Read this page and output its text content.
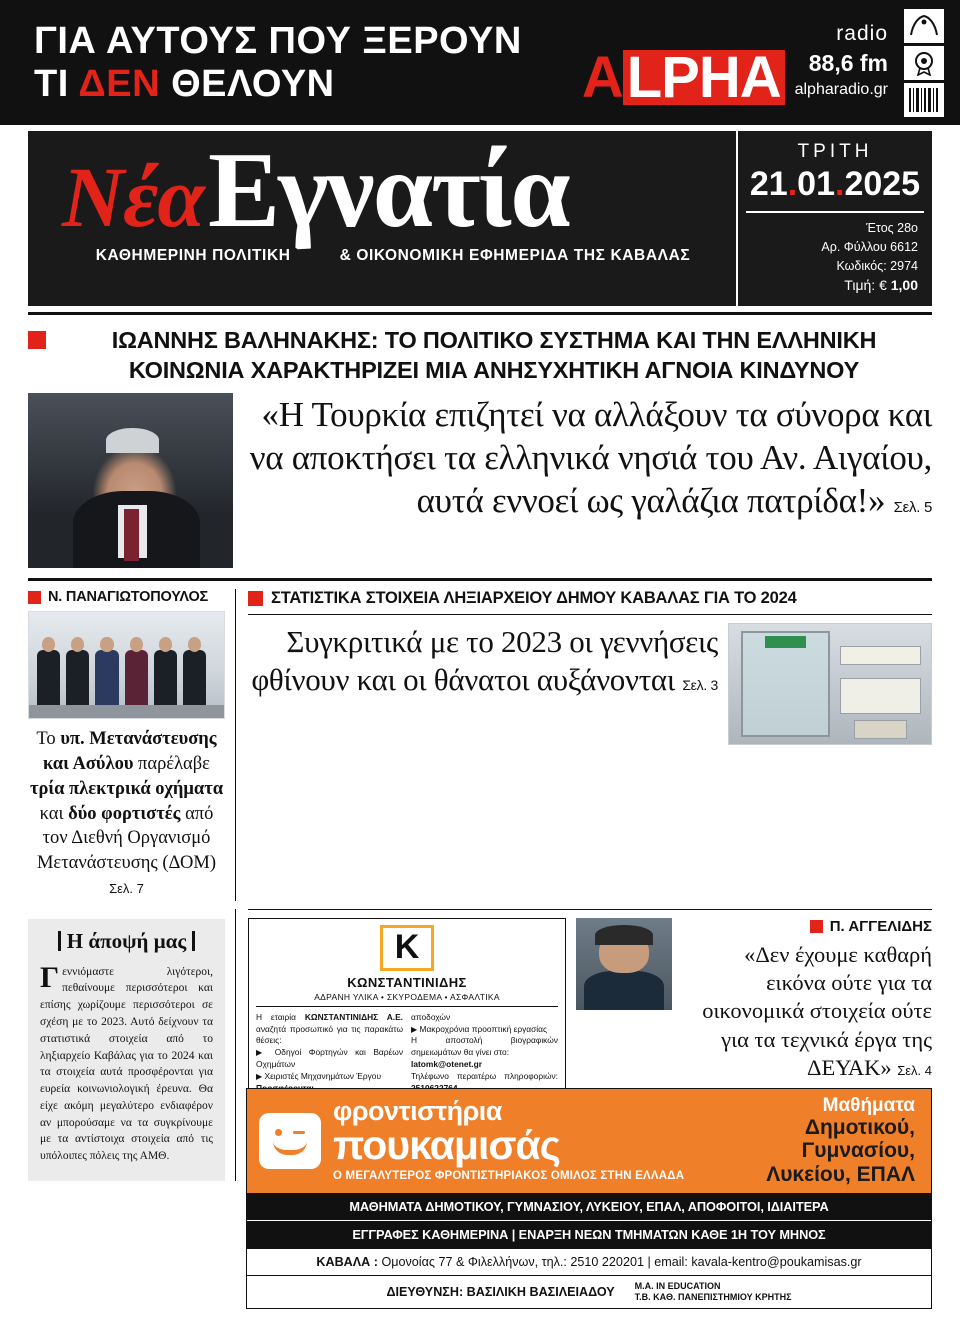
ΓΙΑ ΑΥΤΟΥΣ ΠΟΥ ΞΕΡΟΥΝ
ΤΙ ΔΕΝ ΘΕΛΟΥΝ	ΑLPHA
radio
88,6 fm
alpharadio.gr
Νέα Εγνατία
ΚΑΘΗΜΕΡΙΝΗ ΠΟΛΙΤΙΚΗ	& ΟΙΚΟΝΟΜΙΚΗ ΕΦΗΜΕΡΙΔΑ ΤΗΣ ΚΑΒΑΛΑΣ
ΤΡΙΤΗ
21.01.2025
Έτος 28ο
Αρ. Φύλλου 6612
Κωδικός: 2974
Τιμή: € 1,00
ΙΩΑΝΝΗΣ ΒΑΛΗΝΑΚΗΣ: ΤΟ ΠΟΛΙΤΙΚΟ ΣΥΣΤΗΜΑ ΚΑΙ ΤΗΝ ΕΛΛΗΝΙΚΗ ΚΟΙΝΩΝΙΑ ΧΑΡΑΚΤΗΡΙΖΕΙ ΜΙΑ ΑΝΗΣΥΧΗΤΙΚΗ ΑΓΝΟΙΑ ΚΙΝΔΥΝΟΥ
«Η Τουρκία επιζητεί να αλλάξουν τα σύνορα και να αποκτήσει τα ελληνικά νησιά του Αν. Αιγαίου, αυτά εννοεί ως γαλάζια πατρίδα!» Σελ. 5
Ν. ΠΑΝΑΓΙΩΤΟΠΟΥΛΟΣ
Το υπ. Μετανάστευσης και Ασύλου παρέλαβε τρία πλεκτρικά οχήματα και δύο φορτιστές από τον Διεθνή Οργανισμό Μετανάστευσης (ΔΟΜ) Σελ. 7
ΣΤΑΤΙΣΤΙΚΑ ΣΤΟΙΧΕΙΑ ΛΗΞΙΑΡΧΕΙΟΥ ΔΗΜΟΥ ΚΑΒΑΛΑΣ ΓΙΑ ΤΟ 2024
Συγκριτικά με το 2023 οι γεννήσεις φθίνουν και οι θάνατοι αυξάνονται Σελ. 3
Η άποψή μας
Γεννιόμαστε λιγότεροι, πεθαίνουμε περισσότεροι και επίσης χωρίζουμε περισσότεροι σε σχέση με το 2023. Αυτό δείχνουν τα στατιστικά στοιχεία από το ληξιαρχείο Καβάλας για το 2024 και τα στοιχεία αυτά προσφέρονται για ευρεία κοινωνιολογική έρευνα. Θα είχε ακόμη μεγαλύτερο ενδιαφέρον αν μπορούσαμε να τα συγκρίνουμε με τα αντίστοιχα στοιχεία από τις υπόλοιπες πόλεις της ΑΜΘ.
K
ΚΩΝΣΤΑΝΤΙΝΙΔΗΣ
ΑΔΡΑΝΗ ΥΛΙΚΑ • ΣΚΥΡΟΔΕΜΑ • ΑΣΦΑΛΤΙΚΑ
Η εταιρία ΚΩΝΣΤΑΝΤΙΝΙΔΗΣ Α.Ε. αναζητά προσωπικό για τις παρακάτω θέσεις:
▶ Οδηγοί Φορτηγών και Βαρέων Οχημάτων
▶ Χειριστές Μηχανημάτων Έργου
αποδοχών
▶ Μακροχρόνια προοπτική εργασίας
Η αποστολή βιογραφικών σημειωμάτων θα γίνει στο:
latomk@otenet.gr
Τηλέφωνο περαιτέρω πληροφοριών:
Π. ΑΓΓΕΛΙΔΗΣ
«Δεν έχουμε καθαρή εικόνα ούτε για τα οικονομικά στοιχεία ούτε για τα τεχνικά έργα της ΔΕΥΑΚ» Σελ. 4
φροντιστήρια
πουκαμισάς
Ο ΜΕΓΑΛΥΤΕΡΟΣ ΦΡΟΝΤΙΣΤΗΡΙΑΚΟΣ ΟΜΙΛΟΣ ΣΤΗΝ ΕΛΛΑΔΑ
Μαθήματα
Δημοτικού,
Γυμνασίου,
Λυκείου, ΕΠΑΛ
ΜΑΘΗΜΑΤΑ ΔΗΜΟΤΙΚΟΥ, ΓΥΜΝΑΣΙΟΥ, ΛΥΚΕΙΟΥ, ΕΠΑΛ, ΑΠΟΦΟΙΤΟΙ, ΙΔΙΑΙΤΕΡΑ
ΕΓΓΡΑΦΕΣ ΚΑΘΗΜΕΡΙΝΑ | ΕΝΑΡΞΗ ΝΕΩΝ ΤΜΗΜΑΤΩΝ ΚΑΘΕ 1Η ΤΟΥ ΜΗΝΟΣ
ΚΑΒΑΛΑ : Ομονοίας 77 & Φιλελλήνων, τηλ.: 2510 220201 | email: kavala-kentro@poukamisas.gr
ΔΙΕΥΘΥΝΣΗ: ΒΑΣΙΛΙΚΗ ΒΑΣΙΛΕΙΑΔΟΥ M.A. IN EDUCATION
Τ.Β. ΚΑΘ. ΠΑΝΕΠΙΣΤΗΜΙΟΥ ΚΡΗΤΗΣ
